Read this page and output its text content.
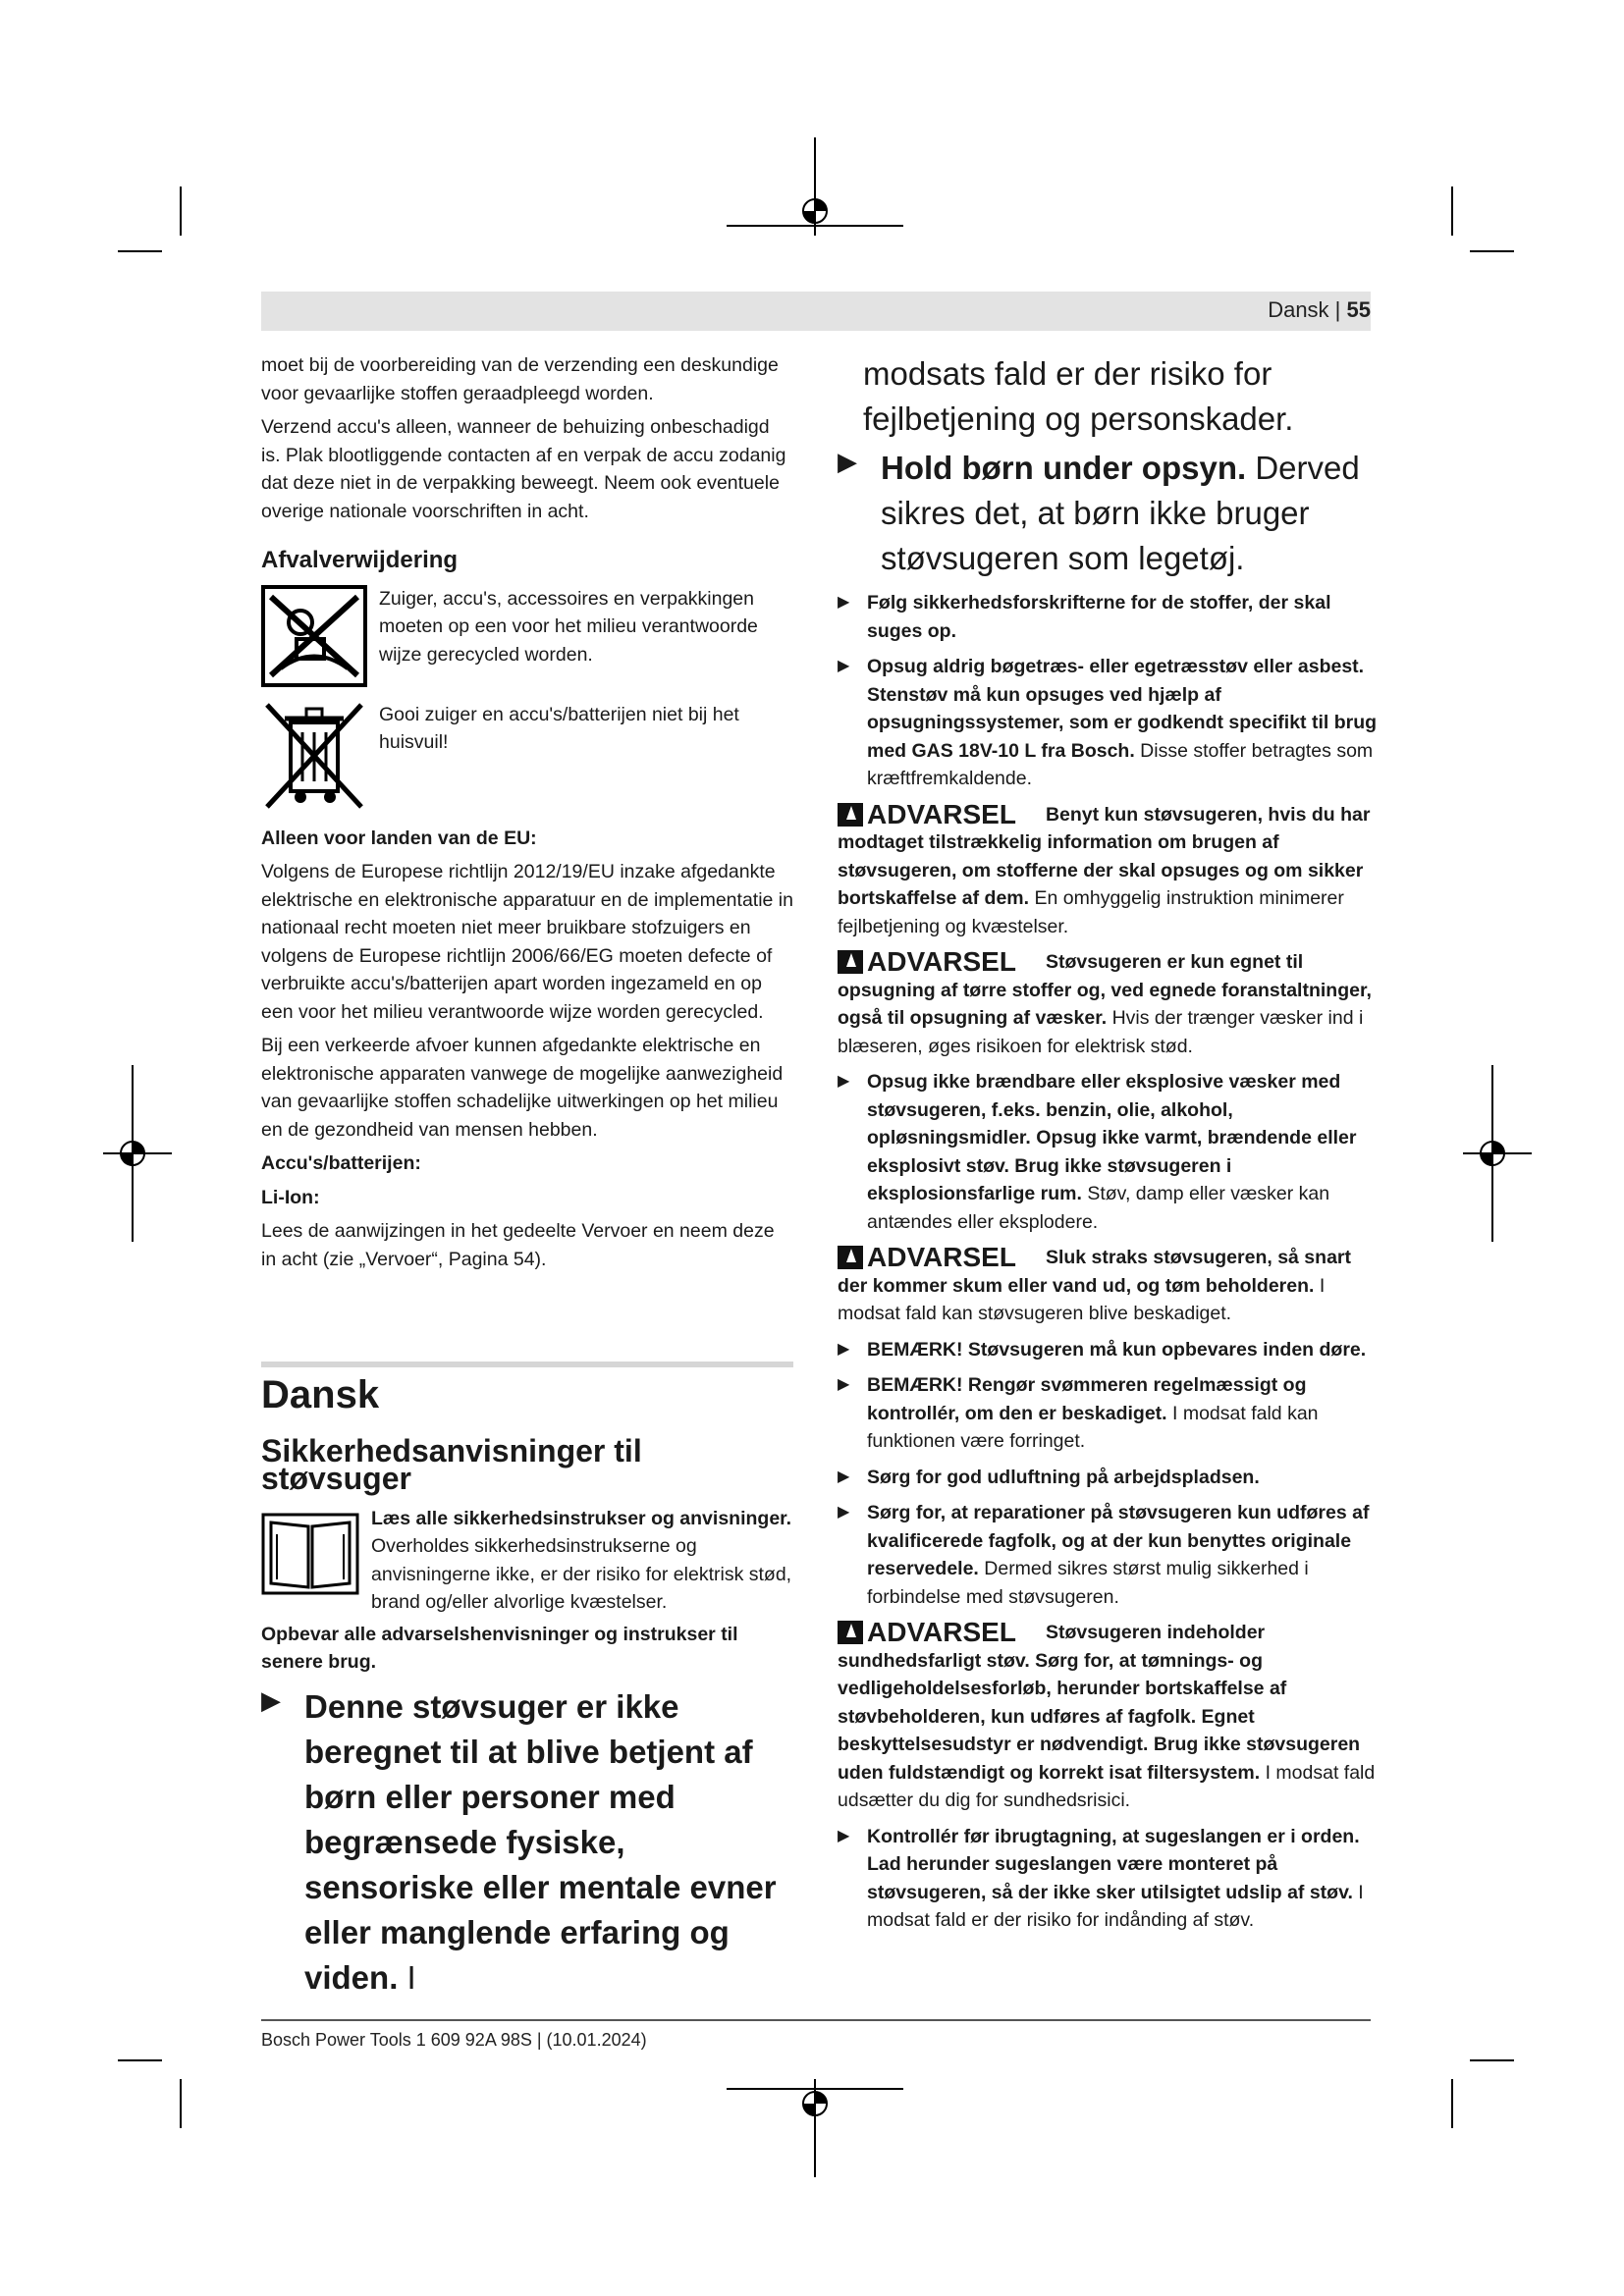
Dansk | 55

moet bij de voorbereiding van de verzending een deskundige voor gevaarlijke stoffen geraadpleegd worden.

Verzend accu's alleen, wanneer de behuizing onbeschadigd is. Plak blootliggende contacten af en verpak de accu zodanig dat deze niet in de verpakking beweegt. Neem ook eventuele overige nationale voorschriften in acht.

Afvalverwijdering
Zuiger, accu's, accessoires en verpakkingen moeten op een voor het milieu verantwoorde wijze gerecycled worden.
Gooi zuiger en accu's/batterijen niet bij het huisvuil!

Alleen voor landen van de EU:

Volgens de Europese richtlijn 2012/19/EU inzake afgedankte elektrische en elektronische apparatuur en de implementatie in nationaal recht moeten niet meer bruikbare stofzuigers en volgens de Europese richtlijn 2006/66/EG moeten defecte of verbruikte accu's/batterijen apart worden ingezameld en op een voor het milieu verantwoorde wijze worden gerecycled.

Bij een verkeerde afvoer kunnen afgedankte elektrische en elektronische apparaten vanwege de mogelijke aanwezigheid van gevaarlijke stoffen schadelijke uitwerkingen op het milieu en de gezondheid van mensen hebben.

Accu's/batterijen:

Li-Ion:

Lees de aanwijzingen in het gedeelte Vervoer en neem deze in acht (zie „Vervoer“, Pagina 54).

Dansk
Sikkerhedsanvisninger til støvsuger
Læs alle sikkerhedsinstrukser og anvisninger. Overholdes sikkerhedsinstrukserne og anvisningerne ikke, er der risiko for elektrisk stød, brand og/eller alvorlige kvæstelser.

Opbevar alle advarselshenvisninger og instrukser til senere brug.

▶ Denne støvsuger er ikke beregnet til at blive betjent af børn eller personer med begrænsede fysiske, sensoriske eller mentale evner eller manglende erfaring og viden. I
modsats fald er der risiko for fejlbetjening og personskader.
▶ Hold børn under opsyn. Derved sikres det, at børn ikke bruger støvsugeren som legetøj.
▶ Følg sikkerhedsforskrifterne for de stoffer, der skal suges op.
▶ Opsug aldrig bøgetræs- eller egetræsstøv eller asbest. Stenstøv må kun opsuges ved hjælp af opsugningssystemer, som er godkendt specifikt til brug med GAS 18V-10 L fra Bosch. Disse stoffer betragtes som kræftfremkaldende.
ADVARSEL Benyt kun støvsugeren, hvis du har modtaget tilstrækkelig information om brugen af støvsugeren, om stofferne der skal opsuges og om sikker bortskaffelse af dem. En omhyggelig instruktion minimerer fejlbetjening og kvæstelser.
ADVARSEL Støvsugeren er kun egnet til opsugning af tørre stoffer og, ved egnede foranstaltninger, også til opsugning af væsker. Hvis der trænger væsker ind i blæseren, øges risikoen for elektrisk stød.
▶ Opsug ikke brændbare eller eksplosive væsker med støvsugeren, f.eks. benzin, olie, alkohol, opløsningsmidler. Opsug ikke varmt, brændende eller eksplosivt støv. Brug ikke støvsugeren i eksplosionsfarlige rum. Støv, damp eller væsker kan antændes eller eksplodere.
ADVARSEL Sluk straks støvsugeren, så snart der kommer skum eller vand ud, og tøm beholderen. I modsat fald kan støvsugeren blive beskadiget.
▶ BEMÆRK! Støvsugeren må kun opbevares inden døre.
▶ BEMÆRK! Rengør svømmeren regelmæssigt og kontrollér, om den er beskadiget. I modsat fald kan funktionen være forringet.
▶ Sørg for god udluftning på arbejdspladsen.
▶ Sørg for, at reparationer på støvsugeren kun udføres af kvalificerede fagfolk, og at der kun benyttes originale reservedele. Dermed sikres størst mulig sikkerhed i forbindelse med støvsugeren.
ADVARSEL Støvsugeren indeholder sundhedsfarligt støv. Sørg for, at tømnings- og vedligeholdelsesforløb, herunder bortskaffelse af støvbeholderen, kun udføres af fagfolk. Egnet beskyttelsesudstyr er nødvendigt. Brug ikke støvsugeren uden fuldstændigt og korrekt isat filtersystem. I modsat fald udsætter du dig for sundhedsrisici.
▶ Kontrollér før ibrugtagning, at sugeslangen er i orden. Lad herunder sugeslangen være monteret på støvsugeren, så der ikke sker utilsigtet udslip af støv. I modsat fald er der risiko for indånding af støv.
Bosch Power Tools 1 609 92A 98S | (10.01.2024)
